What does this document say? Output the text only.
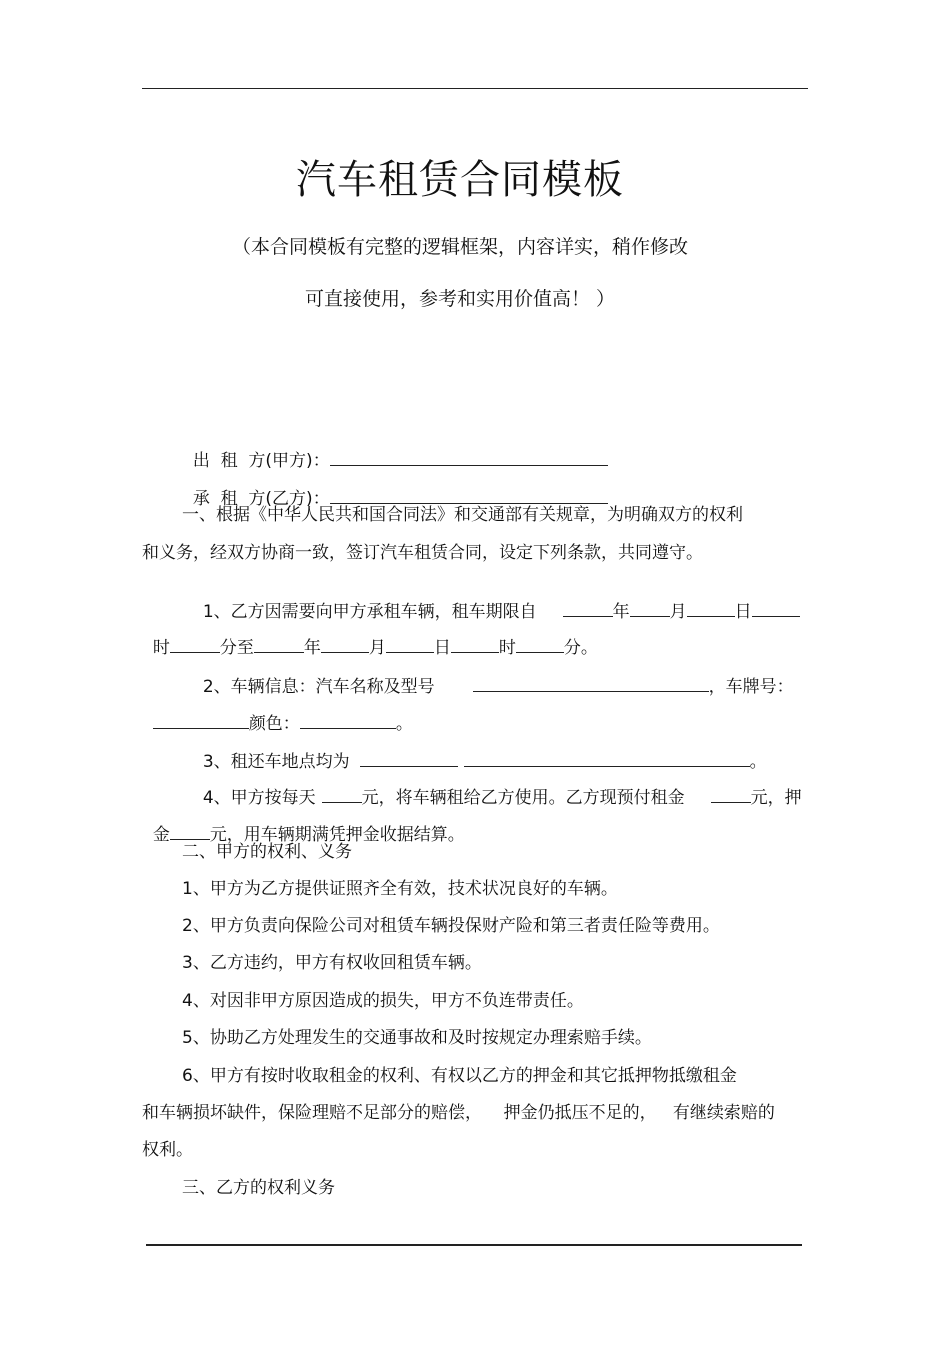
汽车租赁合同模板
（本合同模板有完整的逻辑框架，内容详实，稍作修改
可直接使用，参考和实用价值高！ ）

出  租  方(甲方)：

承  租  方(乙方)：

一、根据《中华人民共和国合同法》和交通部有关规章，为明确双方的权利
和义务，经双方协商一致，签订汽车租赁合同，设定下列条款，共同遵守。

1、乙方因需要向甲方承租车辆，租车期限自	年 月	日

时	分至	年	月	日	时	分。

2、车辆信息：汽车名称及型号	，车牌号：

颜色：	。

3、租还车地点均为	。

4、甲方按每天	元，将车辆租给乙方使用。乙方现预付租金	元，押

金 元，用车辆期满凭押金收据结算。

二、甲方的权利、义务
1、甲方为乙方提供证照齐全有效，技术状况良好的车辆。
2、甲方负责向保险公司对租赁车辆投保财产险和第三者责任险等费用。
3、乙方违约，甲方有权收回租赁车辆。
4、对因非甲方原因造成的损失，甲方不负连带责任。
5、协助乙方处理发生的交通事故和及时按规定办理索赔手续。
6、甲方有按时收取租金的权利、有权以乙方的押金和其它抵押物抵缴租金
和车辆损坏缺件，保险理赔不足部分的赔偿，    押金仍抵压不足的，   有继续索赔的
权利。
三、乙方的权利义务
